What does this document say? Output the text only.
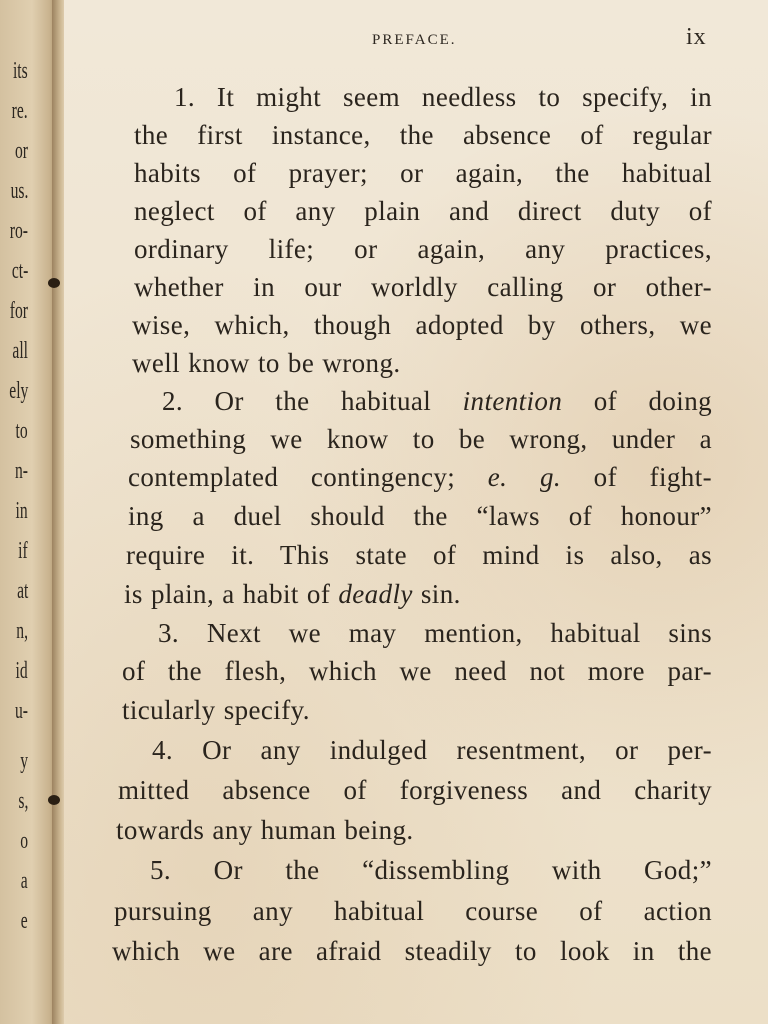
its
re.
or
us.
ro-
ct-
for
all
ely
to
n-
in
if
at
n,
id
u-
y
s,
o
a
e
PREFACE.	ix
1. It might seem needless to specify, in
the first instance, the absence of regular
habits of prayer; or again, the habitual
neglect of any plain and direct duty of
ordinary life; or again, any practices,
whether in our worldly calling or other-
wise, which, though adopted by others, we
well know to be wrong.
2. Or the habitual intention of doing
something we know to be wrong, under a
contemplated contingency; e. g. of fight-
ing a duel should the “laws of honour”
require it. This state of mind is also, as
is plain, a habit of deadly sin.
3. Next we may mention, habitual sins
of the flesh, which we need not more par-
ticularly specify.
4. Or any indulged resentment, or per-
mitted absence of forgiveness and charity
towards any human being.
5. Or the “dissembling with God;”
pursuing any habitual course of action
which we are afraid steadily to look in the
